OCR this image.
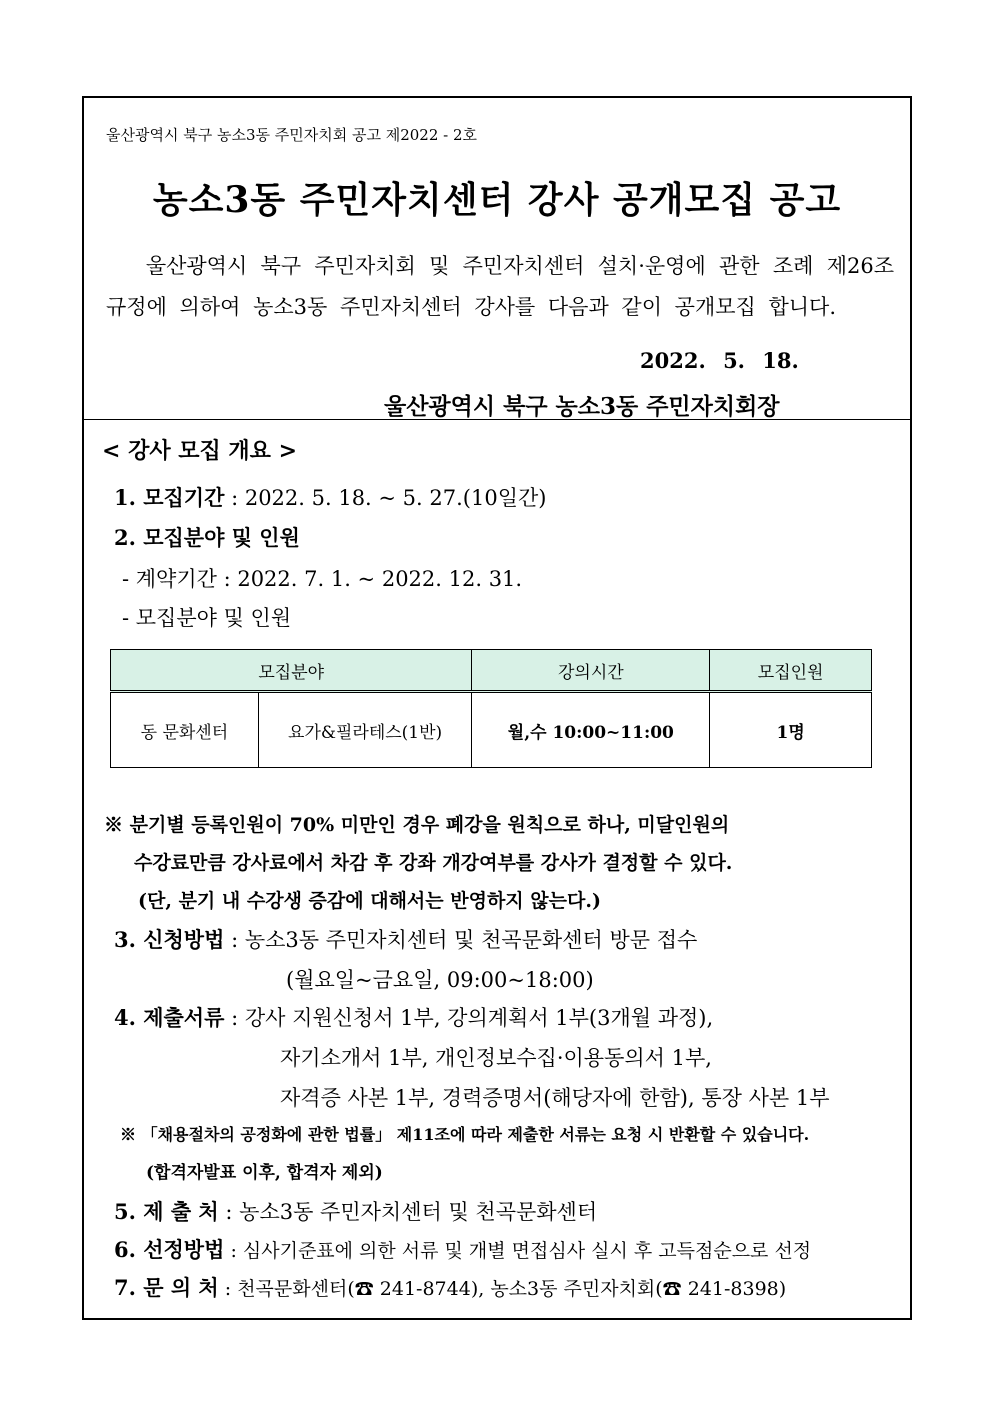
울산광역시 북구 농소3동 주민자치회 공고 제2022 - 2호
농소3동 주민자치센터 강사 공개모집 공고
울산광역시 북구 주민자치회 및 주민자치센터 설치·운영에 관한 조례 제26조 규정에 의하여 농소3동 주민자치센터 강사를 다음과 같이 공개모집 합니다.
2022. 5. 18.
울산광역시 북구 농소3동 주민자치회장
< 강사 모집 개요 >
1. 모집기간 : 2022. 5. 18. ~ 5. 27.(10일간)
2. 모집분야 및 인원
- 계약기간 : 2022. 7. 1. ~ 2022. 12. 31.
- 모집분야 및 인원
모집분야		강의시간	모집인원
동 문화센터	요가&필라테스(1반)	월,수 10:00~11:00	1명
※ 분기별 등록인원이 70% 미만인 경우 폐강을 원칙으로 하나, 미달인원의
수강료만큼 강사료에서 차감 후 강좌 개강여부를 강사가 결정할 수 있다.
(단, 분기 내 수강생 증감에 대해서는 반영하지 않는다.)
3. 신청방법 : 농소3동 주민자치센터 및 천곡문화센터 방문 접수
(월요일~금요일, 09:00~18:00)
4. 제출서류 : 강사 지원신청서 1부, 강의계획서 1부(3개월 과정),
자기소개서 1부, 개인정보수집·이용동의서 1부,
자격증 사본 1부, 경력증명서(해당자에 한함), 통장 사본 1부
※ 「채용절차의 공정화에 관한 법률」 제11조에 따라 제출한 서류는 요청 시 반환할 수 있습니다.
(합격자발표 이후, 합격자 제외)
5. 제 출 처 : 농소3동 주민자치센터 및 천곡문화센터
6. 선정방법 : 심사기준표에 의한 서류 및 개별 면접심사 실시 후 고득점순으로 선정
7. 문 의 처 : 천곡문화센터(☎ 241-8744), 농소3동 주민자치회(☎ 241-8398)
